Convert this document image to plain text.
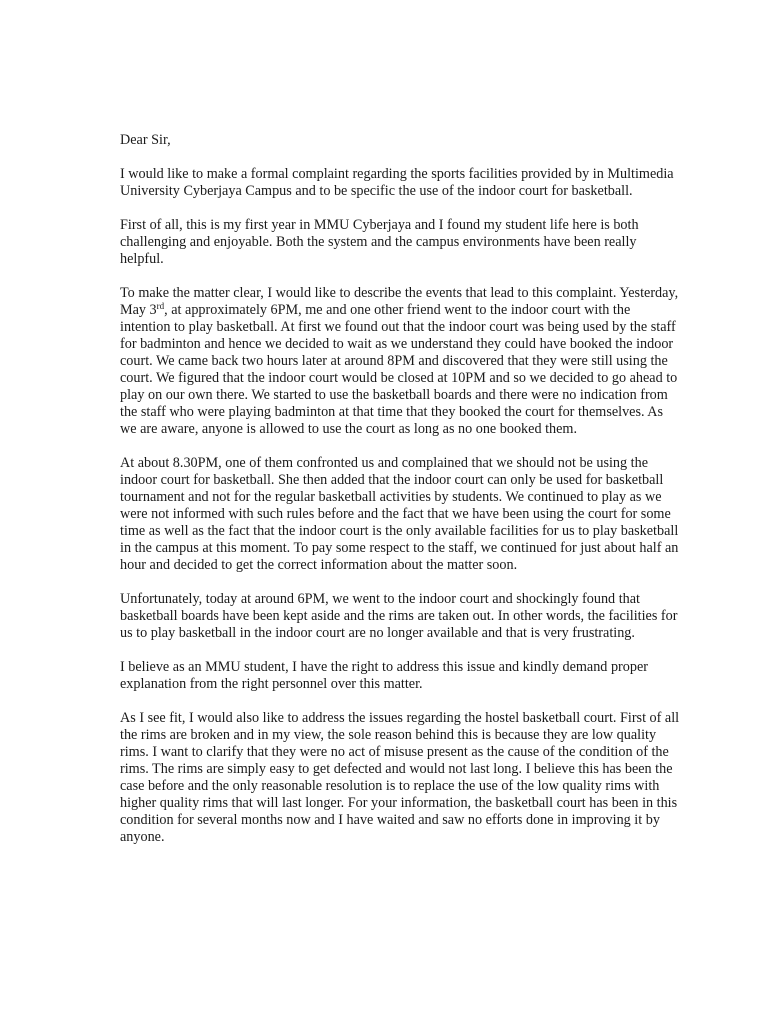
Dear Sir,

I would like to make a formal complaint regarding the sports facilities provided by in Multimedia University Cyberjaya Campus and to be specific the use of the indoor court for basketball.

First of all, this is my first year in MMU Cyberjaya and I found my student life here is both challenging and enjoyable. Both the system and the campus environments have been really helpful.

To make the matter clear, I would like to describe the events that lead to this complaint. Yesterday, May 3rd, at approximately 6PM, me and one other friend went to the indoor court with the intention to play basketball. At first we found out that the indoor court was being used by the staff for badminton and hence we decided to wait as we understand they could have booked the indoor court. We came back two hours later at around 8PM and discovered that they were still using the court. We figured that the indoor court would be closed at 10PM and so we decided to go ahead to play on our own there. We started to use the basketball boards and there were no indication from the staff who were playing badminton at that time that they booked the court for themselves. As we are aware, anyone is allowed to use the court as long as no one booked them.

At about 8.30PM, one of them confronted us and complained that we should not be using the indoor court for basketball. She then added that the indoor court can only be used for basketball tournament and not for the regular basketball activities by students. We continued to play as we were not informed with such rules before and the fact that we have been using the court for some time as well as the fact that the indoor court is the only available facilities for us to play basketball in the campus at this moment. To pay some respect to the staff, we continued for just about half an hour and decided to get the correct information about the matter soon.

Unfortunately, today at around 6PM, we went to the indoor court and shockingly found that basketball boards have been kept aside and the rims are taken out. In other words, the facilities for us to play basketball in the indoor court are no longer available and that is very frustrating.

I believe as an MMU student, I have the right to address this issue and kindly demand proper explanation from the right personnel over this matter.

As I see fit, I would also like to address the issues regarding the hostel basketball court. First of all the rims are broken and in my view, the sole reason behind this is because they are low quality rims. I want to clarify that they were no act of misuse present as the cause of the condition of the rims. The rims are simply easy to get defected and would not last long. I believe this has been the case before and the only reasonable resolution is to replace the use of the low quality rims with higher quality rims that will last longer. For your information, the basketball court has been in this condition for several months now and I have waited and saw no efforts done in improving it by anyone.
